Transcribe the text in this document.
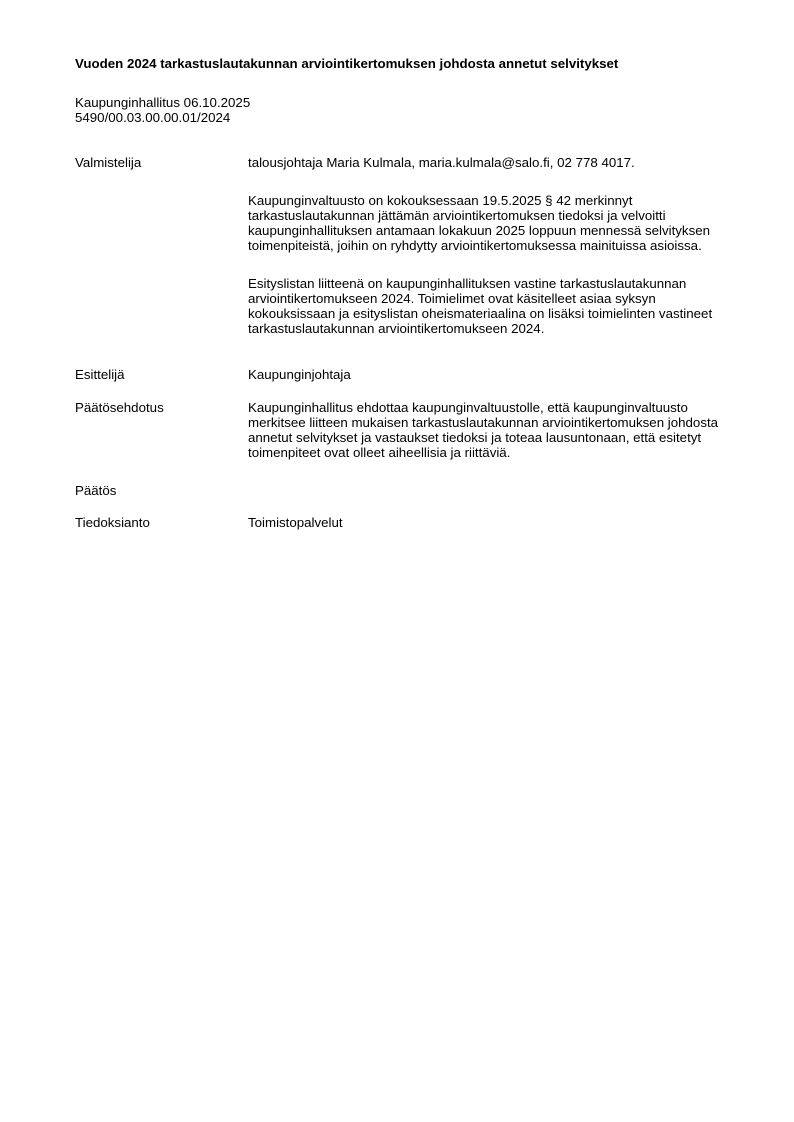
Vuoden 2024 tarkastuslautakunnan arviointikertomuksen johdosta annetut selvitykset
Kaupunginhallitus 06.10.2025
5490/00.03.00.00.01/2024
Valmistelija	talousjohtaja Maria Kulmala, maria.kulmala@salo.fi, 02 778 4017.

Kaupunginvaltuusto on kokouksessaan 19.5.2025 § 42 merkinnyt tarkastuslautakunnan jättämän arviointikertomuksen tiedoksi ja velvoitti kaupunginhallituksen antamaan lokakuun 2025 loppuun mennessä selvityksen toimenpiteistä, joihin on ryhdytty arviointikertomuksessa mainituissa asioissa.

Esityslistan liitteenä on kaupunginhallituksen vastine tarkastuslautakunnan arviointikertomukseen 2024. Toimielimet ovat käsitelleet asiaa syksyn kokouksissaan ja esityslistan oheismateriaalina on lisäksi toimielinten vastineet tarkastuslautakunnan arviointikertomukseen 2024.

Esittelijä	Kaupunginjohtaja

Päätösehdotus	Kaupunginhallitus ehdottaa kaupunginvaltuustolle, että kaupunginvaltuusto merkitsee liitteen mukaisen tarkastuslautakunnan arviointikertomuksen johdosta annetut selvitykset ja vastaukset tiedoksi ja toteaa lausuntonaan, että esitetyt toimenpiteet ovat olleet aiheellisia ja riittäviä.

Päätös
Tiedoksianto	Toimistopalvelut
